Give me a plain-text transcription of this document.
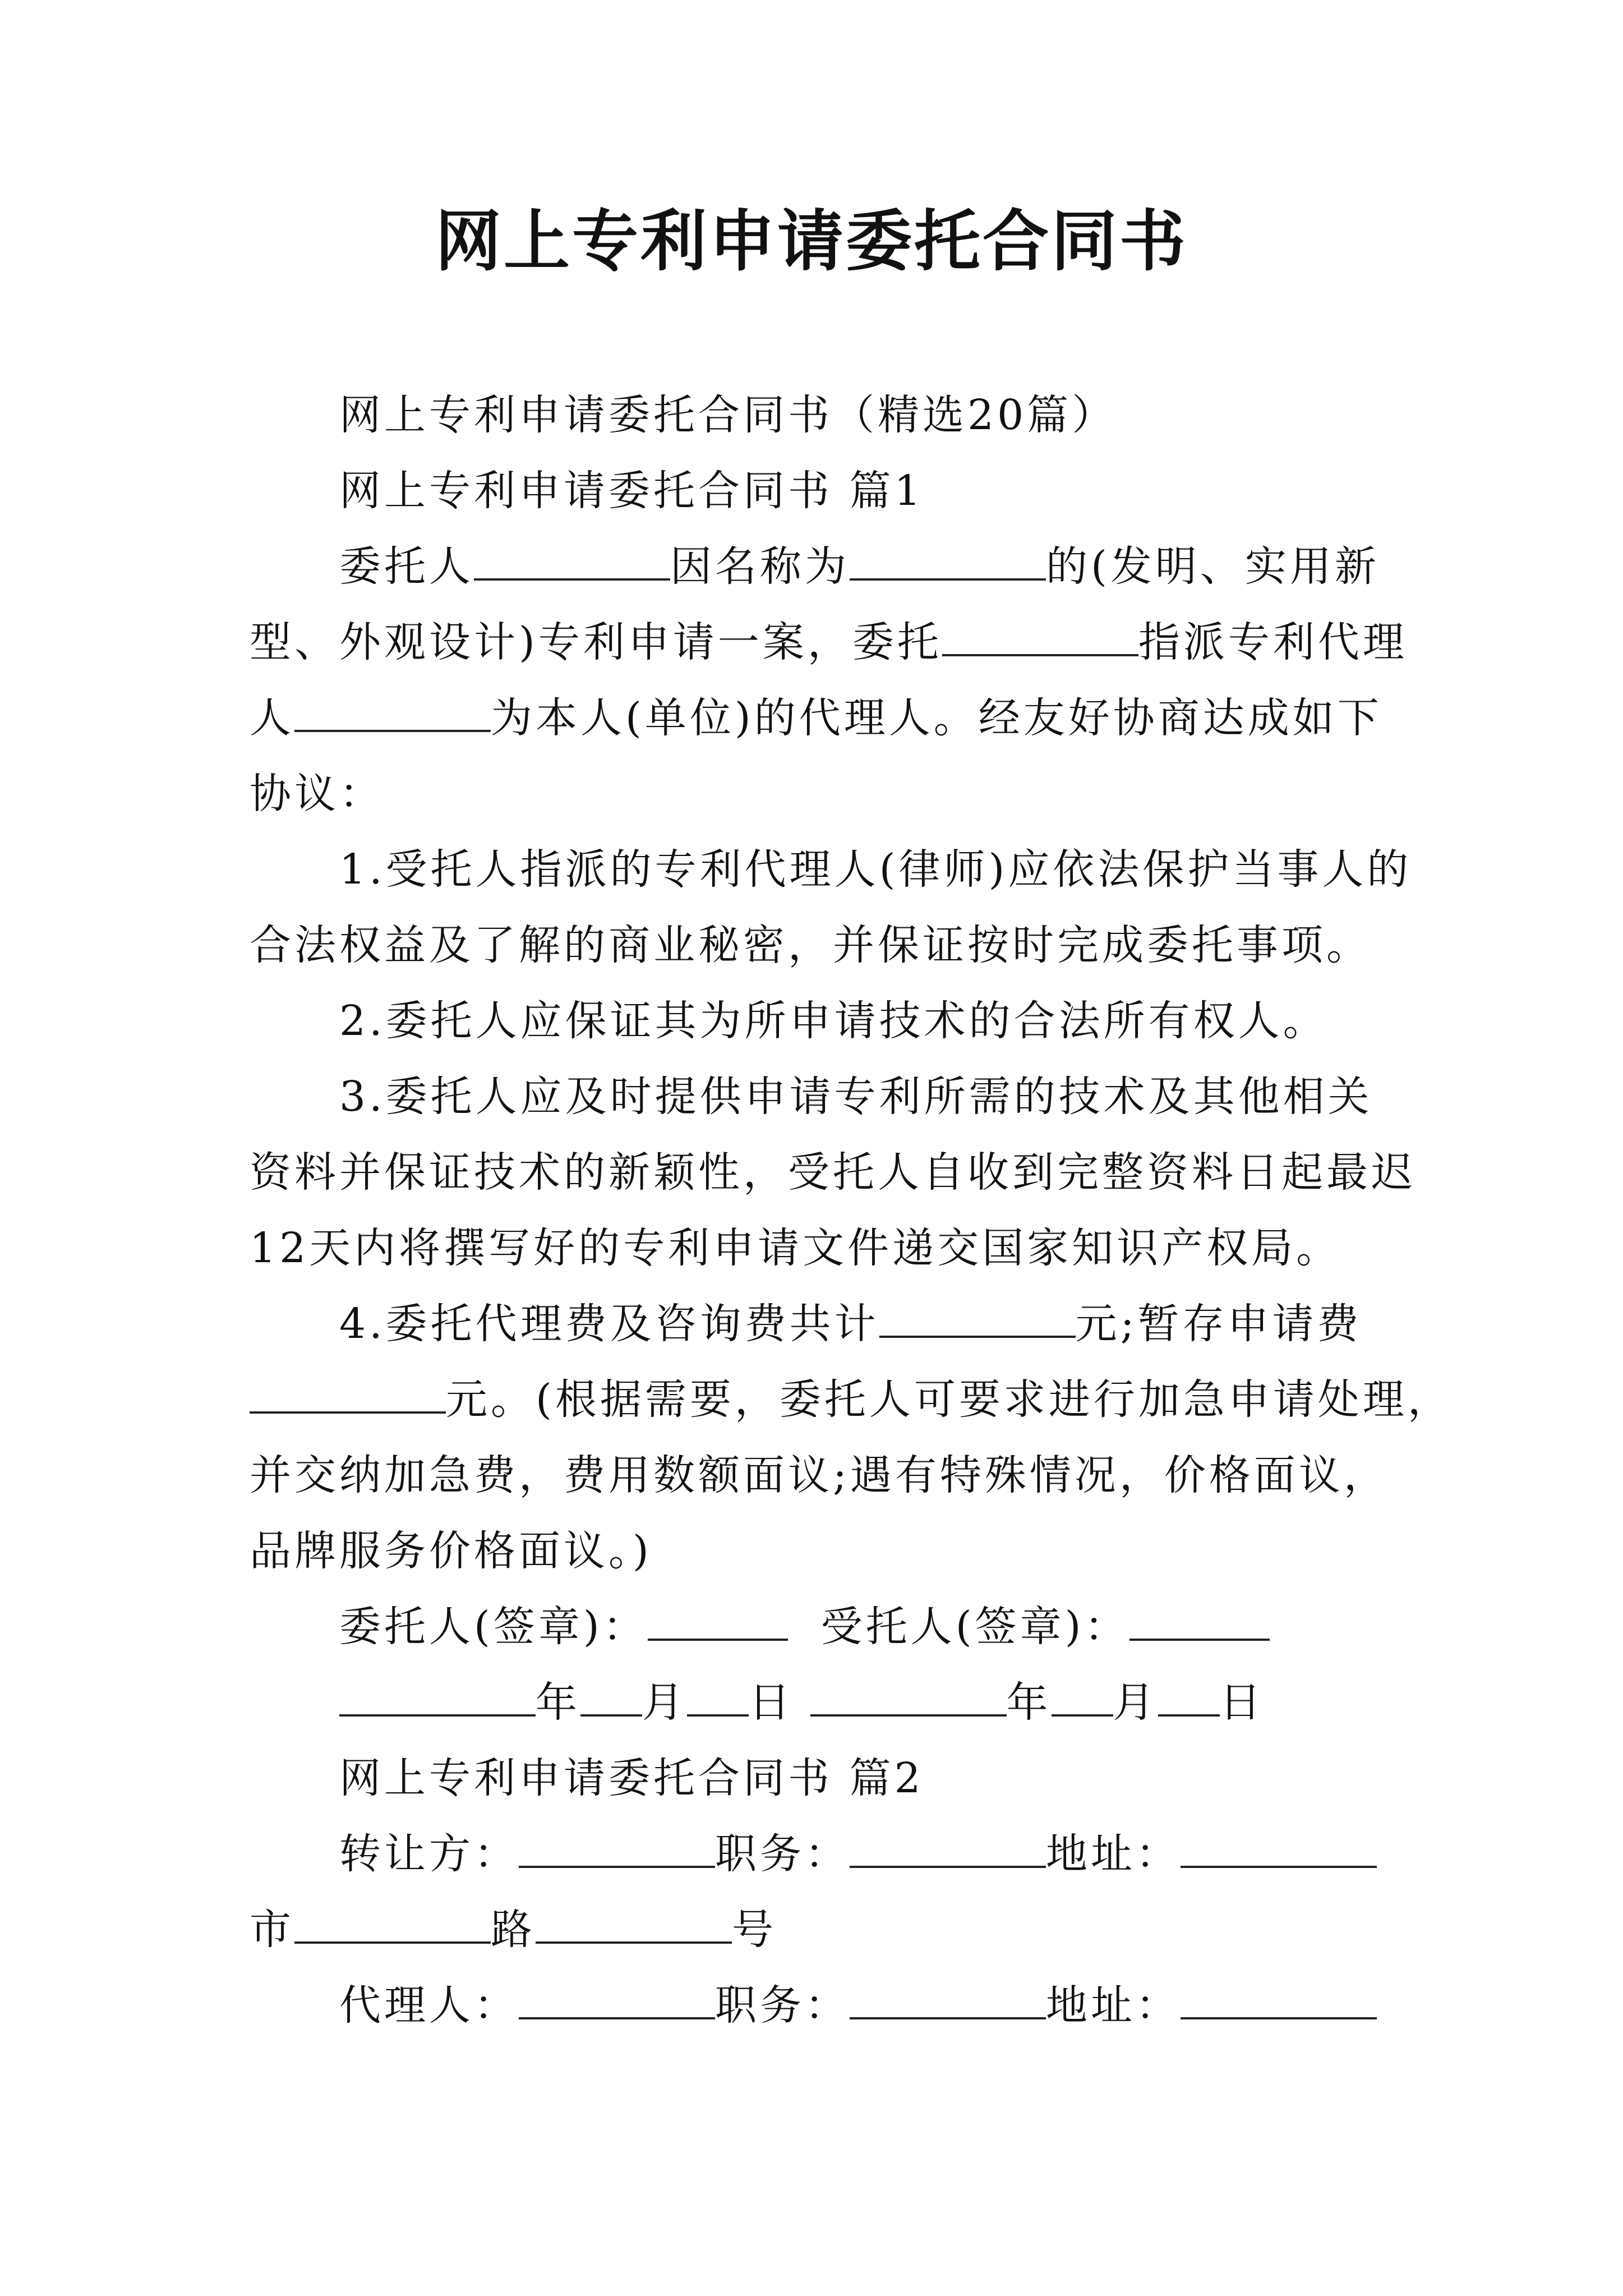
网上专利申请委托合同书
网上专利申请委托合同书（精选20篇）
网上专利申请委托合同书 篇1
委托人	因名称为	的(发明、实用新
型、外观设计)专利申请一案，委托	指派专利代理
人	为本人(单位)的代理人。经友好协商达成如下
协议：
1.受托人指派的专利代理人(律师)应依法保护当事人的
合法权益及了解的商业秘密，并保证按时完成委托事项。
2.委托人应保证其为所申请技术的合法所有权人。
3.委托人应及时提供申请专利所需的技术及其他相关
资料并保证技术的新颖性，受托人自收到完整资料日起最迟
12天内将撰写好的专利申请文件递交国家知识产权局。
4.委托代理费及咨询费共计	元;暂存申请费
元。(根据需要，委托人可要求进行加急申请处理，
并交纳加急费，费用数额面议;遇有特殊情况，价格面议，
品牌服务价格面议。)
委托人(签章)：	受托人(签章)：
年 月 日	年 月 日
网上专利申请委托合同书 篇2
转让方：	职务：	地址：
市	路	号
代理人：	职务：	地址：
